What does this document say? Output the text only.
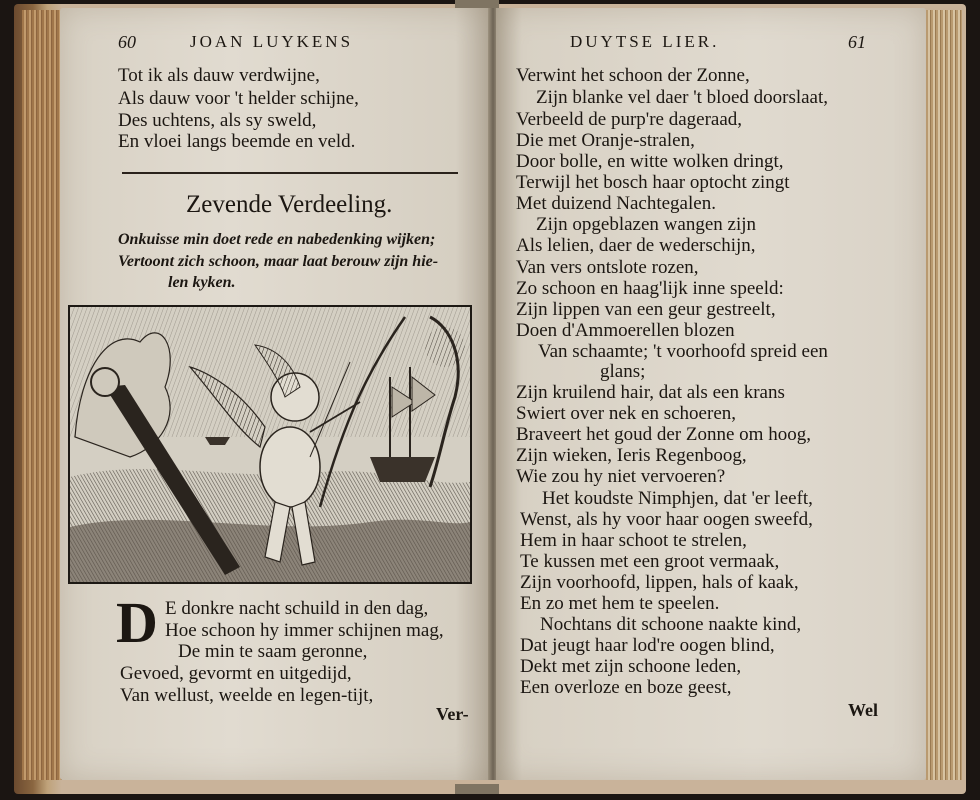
60	JOAN LUYKENS
Tot ik als dauw verdwijne,
Als dauw voor 't helder schijne,
Des uchtens, als sy sweld,
En vloei langs beemde en veld.
Zevende Verdeeling.
Onkuisse min doet rede en nabedenking wijken;
Vertoont zich schoon, maar laat berouw zijn hie-
len kyken.
D E donkre nacht schuild in den dag,
Hoe schoon hy immer schijnen mag,
De min te saam geronne,
Gevoed, gevormt en uitgedijd,
Van wellust, weelde en legen-tijt,
Ver-
DUYTSE LIER.	61
Verwint het schoon der Zonne,
Zijn blanke vel daer 't bloed doorslaat,
Verbeeld de purp're dageraad,
Die met Oranje-stralen,
Door bolle, en witte wolken dringt,
Terwijl het bosch haar optocht zingt
Met duizend Nachtegalen.
Zijn opgeblazen wangen zijn
Als lelien, daer de wederschijn,
Van vers ontslote rozen,
Zo schoon en haag'lijk inne speeld:
Zijn lippen van een geur gestreelt,
Doen d'Ammoerellen blozen
Van schaamte; 't voorhoofd spreid een
glans;
Zijn kruilend hair, dat als een krans
Swiert over nek en schoeren,
Braveert het goud der Zonne om hoog,
Zijn wieken, Ieris Regenboog,
Wie zou hy niet vervoeren?
Het koudste Nimphjen, dat 'er leeft,
Wenst, als hy voor haar oogen sweefd,
Hem in haar schoot te strelen,
Te kussen met een groot vermaak,
Zijn voorhoofd, lippen, hals of kaak,
En zo met hem te speelen.
Nochtans dit schoone naakte kind,
Dat jeugt haar lod're oogen blind,
Dekt met zijn schoone leden,
Een overloze en boze geest,
Wel
